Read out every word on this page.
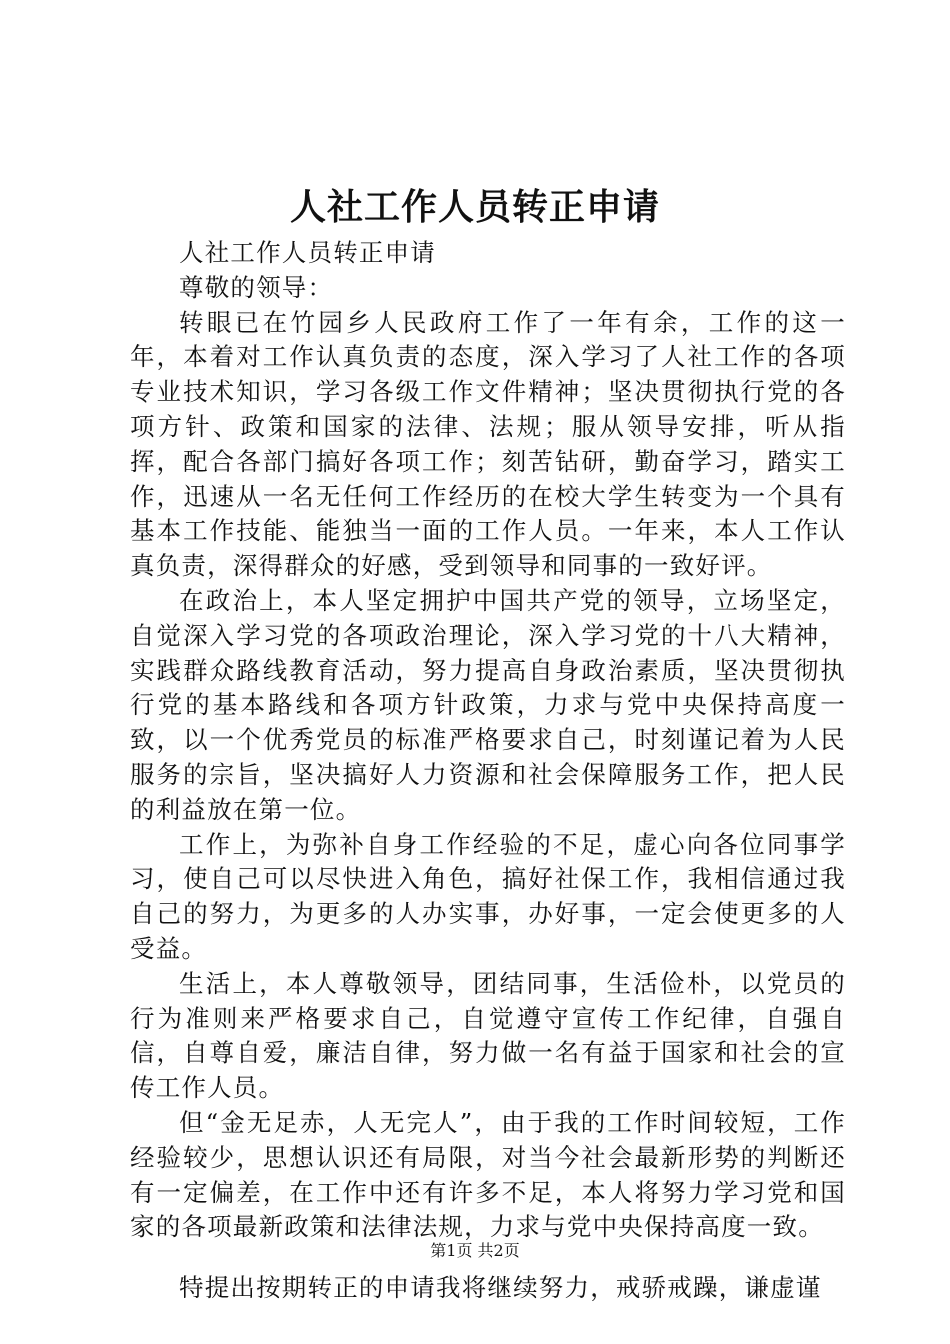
人社工作人员转正申请

人社工作人员转正申请

尊敬的领导：

转眼已在竹园乡人民政府工作了一年有余，工作的这一年，本着对工作认真负责的态度，深入学习了人社工作的各项专业技术知识，学习各级工作文件精神；坚决贯彻执行党的各项方针、政策和国家的法律、法规；服从领导安排，听从指挥，配合各部门搞好各项工作；刻苦钻研，勤奋学习，踏实工作，迅速从一名无任何工作经历的在校大学生转变为一个具有基本工作技能、能独当一面的工作人员。一年来，本人工作认真负责，深得群众的好感，受到领导和同事的一致好评。

在政治上，本人坚定拥护中国共产党的领导，立场坚定，自觉深入学习党的各项政治理论，深入学习党的十八大精神，实践群众路线教育活动，努力提高自身政治素质，坚决贯彻执行党的基本路线和各项方针政策，力求与党中央保持高度一致，以一个优秀党员的标准严格要求自己，时刻谨记着为人民服务的宗旨，坚决搞好人力资源和社会保障服务工作，把人民的利益放在第一位。

工作上，为弥补自身工作经验的不足，虚心向各位同事学习，使自己可以尽快进入角色，搞好社保工作，我相信通过我自己的努力，为更多的人办实事，办好事，一定会使更多的人受益。

生活上，本人尊敬领导，团结同事，生活俭朴，以党员的行为准则来严格要求自己，自觉遵守宣传工作纪律，自强自信，自尊自爱，廉洁自律，努力做一名有益于国家和社会的宣传工作人员。

但“金无足赤，人无完人”，由于我的工作时间较短，工作经验较少，思想认识还有局限，对当今社会最新形势的判断还有一定偏差，在工作中还有许多不足，本人将努力学习党和国家的各项最新政策和法律法规，力求与党中央保持高度一致。

特提出按期转正的申请我将继续努力，戒骄戒躁，谦虚谨

第1页 共2页
